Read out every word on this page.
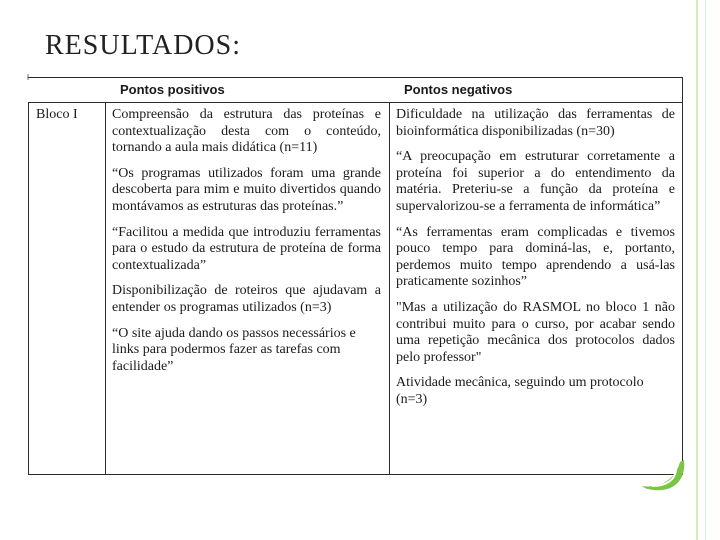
RESULTADOS:
Pontos positivos	Pontos negativos
Bloco I Compreensão da estrutura das proteínas e contextualização desta com o conteúdo, tornando a aula mais didática (n=11)

“Os programas utilizados foram uma grande descoberta para mim e muito divertidos quando montávamos as estruturas das proteínas.”

“Facilitou a medida que introduziu ferramentas para o estudo da estrutura de proteína de forma contextualizada”

Disponibilização de roteiros que ajudavam a entender os programas utilizados (n=3)

“O site ajuda dando os passos necessários e links para podermos fazer as tarefas com facilidade”

Dificuldade na utilização das ferramentas de bioinformática disponibilizadas (n=30)

“A preocupação em estruturar corretamente a proteína foi superior a do entendimento da matéria. Preteriu-se a função da proteína e supervalorizou-se a ferramenta de informática”

“As ferramentas eram complicadas e tivemos pouco tempo para dominá-las, e, portanto, perdemos muito tempo aprendendo a usá-las praticamente sozinhos”

"Mas a utilização do RASMOL no bloco 1 não contribui muito para o curso, por acabar sendo uma repetição mecânica dos protocolos dados pelo professor"

Atividade mecânica, seguindo um protocolo (n=3)
